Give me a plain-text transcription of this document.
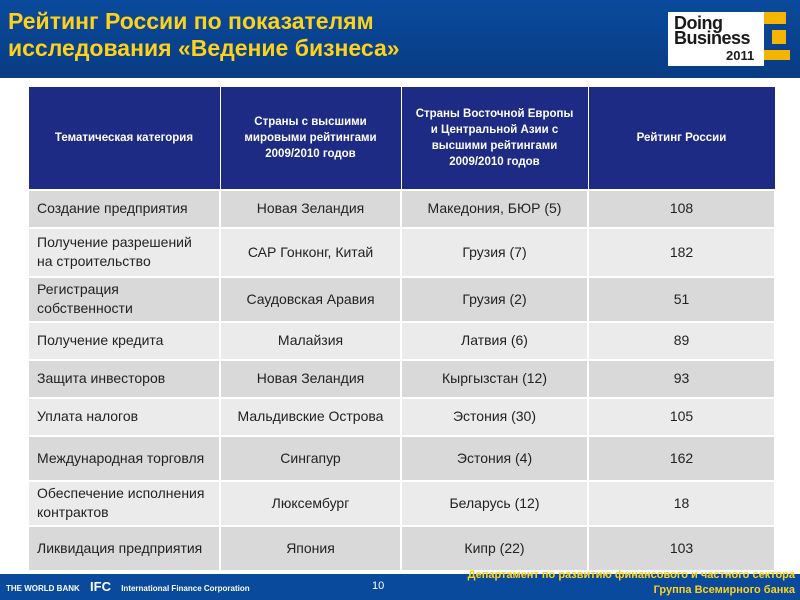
Рейтинг России по показателям
исследования «Ведение бизнеса»
Doing
Business
2011
Тематическая категория	Страны с высшими мировыми рейтингами 2009/2010 годов	Страны Восточной Европы и Центральной Азии с высшими рейтингами 2009/2010 годов	Рейтинг России
Создание предприятия	Новая Зеландия	Македония, БЮР (5)	108
Получение разрешений на строительство	САР Гонконг, Китай	Грузия (7)	182
Регистрация собственности	Саудовская Аравия	Грузия (2)	51
Получение кредита	Малайзия	Латвия (6)	89
Защита инвесторов	Новая Зеландия	Кыргызстан (12)	93
Уплата налогов	Мальдивские Острова	Эстония (30)	105
Международная торговля	Сингапур	Эстония (4)	162
Обеспечение исполнения контрактов	Люксембург	Беларусь (12)	18
Ликвидация предприятия	Япония	Кипр (22)	103
THE WORLD BANK IFC International Finance Corporation	10
Департамент по развитию финансового и частного сектора
Группа Всемирного банка
